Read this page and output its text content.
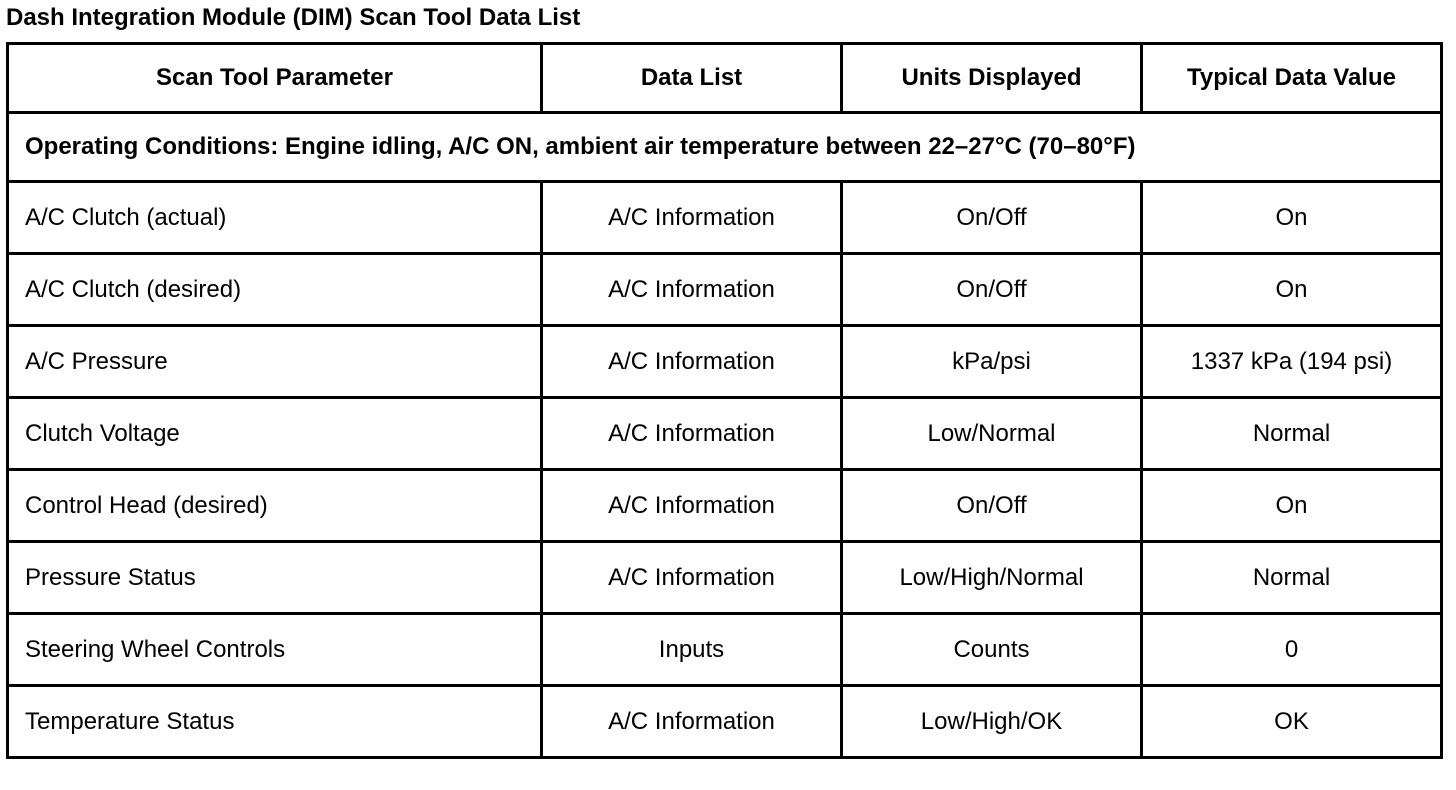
Dash Integration Module (DIM) Scan Tool Data List
Scan Tool Parameter	Data List	Units Displayed	Typical Data Value
Operating Conditions: Engine idling, A/C ON, ambient air temperature between 22–27°C (70–80°F)			
A/C Clutch (actual)	A/C Information	On/Off	On
A/C Clutch (desired)	A/C Information	On/Off	On
A/C Pressure	A/C Information	kPa/psi	1337 kPa (194 psi)
Clutch Voltage	A/C Information	Low/Normal	Normal
Control Head (desired)	A/C Information	On/Off	On
Pressure Status	A/C Information	Low/High/Normal	Normal
Steering Wheel Controls	Inputs	Counts	0
Temperature Status	A/C Information	Low/High/OK	OK
